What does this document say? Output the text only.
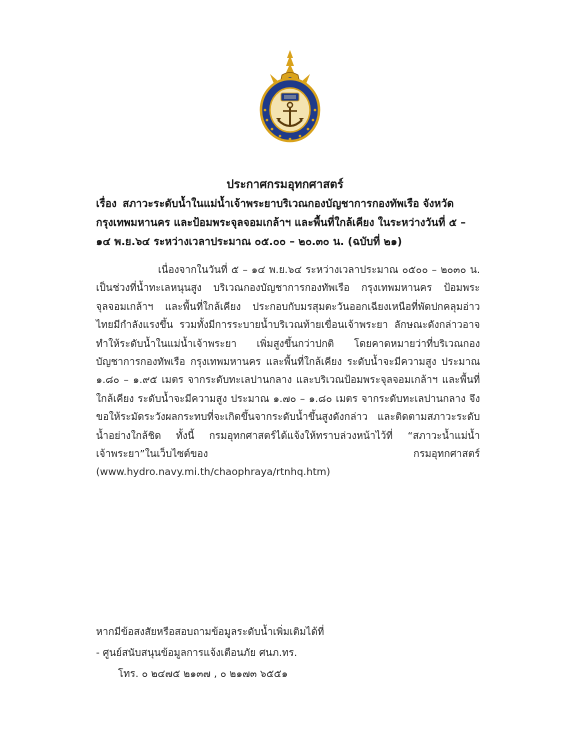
ประกาศกรมอุทกศาสตร์
เรื่อง สภาวะระดับน้ำในแม่น้ำเจ้าพระยาบริเวณกองบัญชาการกองทัพเรือ จังหวัดกรุงเทพมหานคร และป้อมพระจุลจอมเกล้าฯ และพื้นที่ใกล้เคียง ในระหว่างวันที่ ๕ – ๑๔ พ.ย.๖๔ ระหว่างเวลาประมาณ ๐๕.๐๐ – ๒๐.๓๐ น. (ฉบับที่ ๒๑)
เนื่องจากในวันที่ ๕ – ๑๔ พ.ย.๖๔ ระหว่างเวลาประมาณ ๐๕๐๐ – ๒๐๓๐ น. เป็นช่วงที่น้ำทะเลหนุนสูง บริเวณกองบัญชาการกองทัพเรือ กรุงเทพมหานคร ป้อมพระจุลจอมเกล้าฯ และพื้นที่ใกล้เคียง ประกอบกับมรสุมตะวันออกเฉียงเหนือที่พัดปกคลุมอ่าวไทยมีกำลังแรงขึ้น รวมทั้งมีการระบายน้ำบริเวณท้ายเขื่อนเจ้าพระยา ลักษณะดังกล่าวอาจทำให้ระดับน้ำในแม่น้ำเจ้าพระยา เพิ่มสูงขึ้นกว่าปกติ โดยคาดหมายว่าที่บริเวณกองบัญชาการกองทัพเรือ กรุงเทพมหานคร และพื้นที่ใกล้เคียง ระดับน้ำจะมีความสูง ประมาณ ๑.๘๐ – ๑.๙๕ เมตร จากระดับทะเลปานกลาง และบริเวณป้อมพระจุลจอมเกล้าฯ และพื้นที่ใกล้เคียง ระดับน้ำจะมีความสูง ประมาณ ๑.๗๐ – ๑.๘๐ เมตร จากระดับทะเลปานกลาง จึงขอให้ระมัดระวังผลกระทบที่จะเกิดขึ้นจากระดับน้ำขึ้นสูงดังกล่าว และติดตามสภาวะระดับน้ำอย่างใกล้ชิด ทั้งนี้ กรมอุทกศาสตร์ได้แจ้งให้ทราบล่วงหน้าไว้ที่ “สภาวะน้ำแม่น้ำเจ้าพระยา”ในเว็บไซต์ของ กรมอุทกศาสตร์ (www.hydro.navy.mi.th/chaophraya/rtnhq.htm)
หากมีข้อสงสัยหรือสอบถามข้อมูลระดับน้ำเพิ่มเติมได้ที่
- ศูนย์สนับสนุนข้อมูลการแจ้งเตือนภัย ศนภ.ทร.
โทร. ๐ ๒๔๗๕ ๒๑๓๗ , ๐ ๒๑๗๓ ๖๕๕๑
